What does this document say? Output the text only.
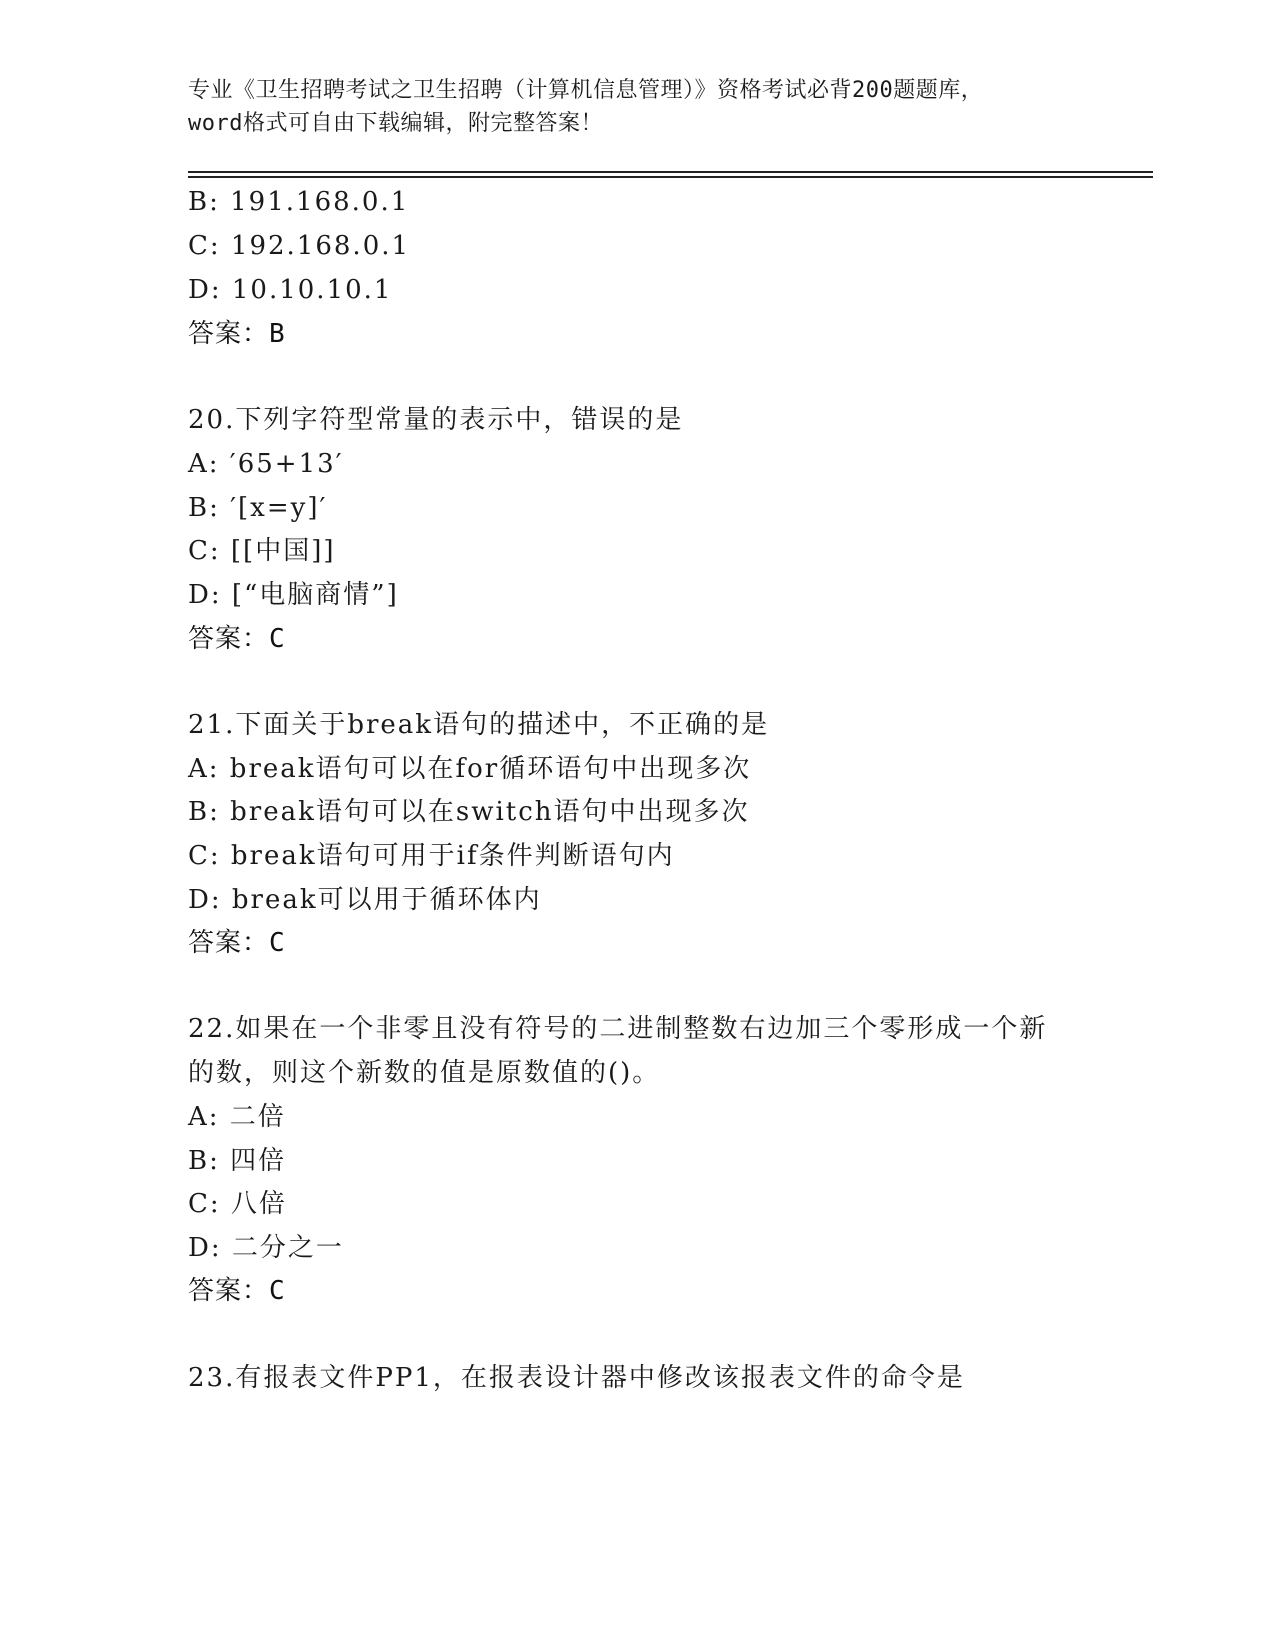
专业《卫生招聘考试之卫生招聘（计算机信息管理）》资格考试必背200题题库，
word格式可自由下载编辑，附完整答案！
B: 191.168.0.1
C: 192.168.0.1
D: 10.10.10.1
答案：B
20.下列字符型常量的表示中，错误的是
A: ′65+13′
B: ′[x=y]′
C: [[中国]]
D: [“电脑商情”]
答案：C
21.下面关于break语句的描述中，不正确的是
A: break语句可以在for循环语句中出现多次
B: break语句可以在switch语句中出现多次
C: break语句可用于if条件判断语句内
D: break可以用于循环体内
答案：C
22.如果在一个非零且没有符号的二进制整数右边加三个零形成一个新
的数，则这个新数的值是原数值的()。
A: 二倍
B: 四倍
C: 八倍
D: 二分之一
答案：C
23.有报表文件PP1，在报表设计器中修改该报表文件的命令是
